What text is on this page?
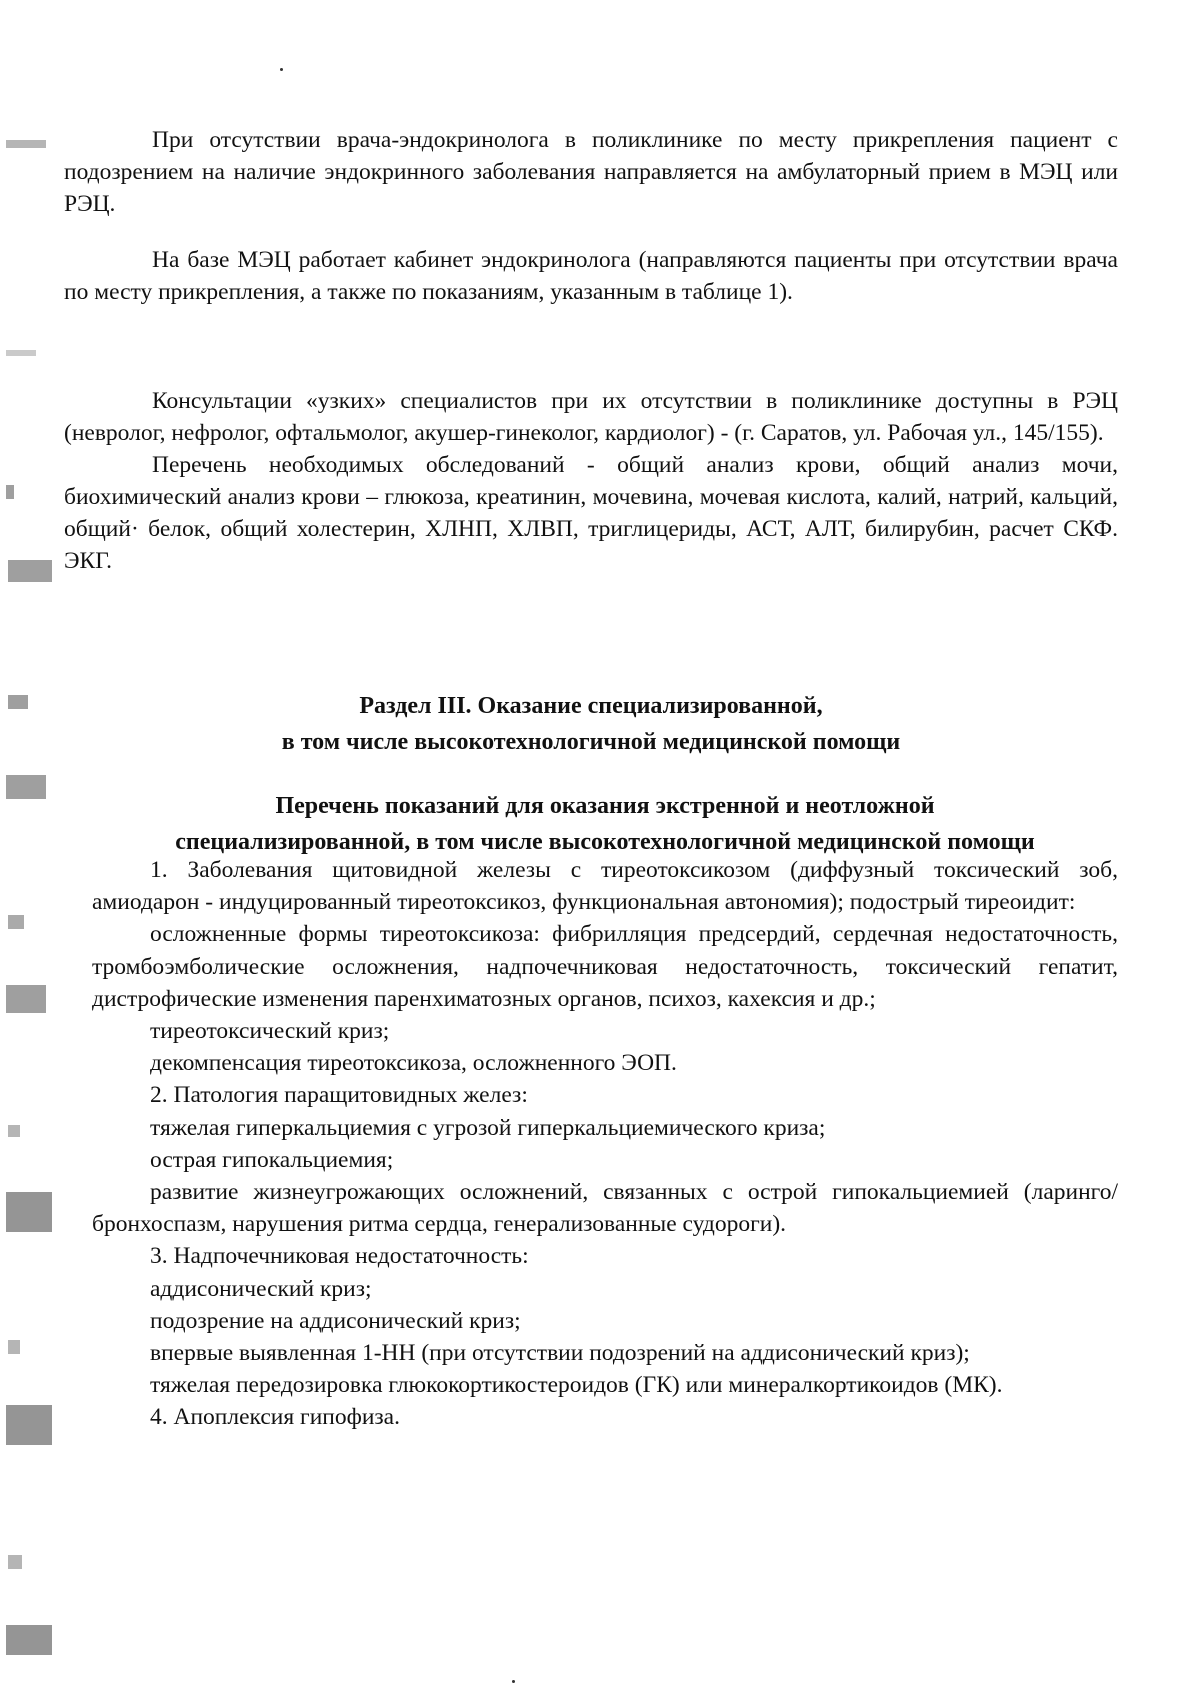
При отсутствии врача-эндокринолога в поликлинике по месту прикрепления пациент с подозрением на наличие эндокринного заболевания направляется на амбулаторный прием в МЭЦ или РЭЦ.

На базе МЭЦ работает кабинет эндокринолога (направляются пациенты при отсутствии врача по месту прикрепления, а также по показаниям, указанным в таблице 1).

Консультации «узких» специалистов при их отсутствии в поликлинике доступны в РЭЦ (невролог, нефролог, офтальмолог, акушер-гинеколог, кардиолог) - (г. Саратов, ул. Рабочая ул., 145/155).

Перечень необходимых обследований - общий анализ крови, общий анализ мочи, биохимический анализ крови – глюкоза, креатинин, мочевина, мочевая кислота, калий, натрий, кальций, общий· белок, общий холестерин, ХЛНП, ХЛВП, триглицериды, АСТ, АЛТ, билирубин, расчет СКФ. ЭКГ.

Раздел III. Оказание специализированной,

в том числе высокотехнологичной медицинской помощи

Перечень показаний для оказания экстренной и неотложной

специализированной, в том числе высокотехнологичной медицинской помощи

1. Заболевания щитовидной железы с тиреотоксикозом (диффузный токсический зоб, амиодарон - индуцированный тиреотоксикоз, функциональная автономия); подострый тиреоидит:

осложненные формы тиреотоксикоза: фибрилляция предсердий, сердечная недостаточность, тромбоэмболические осложнения, надпочечниковая недостаточность, токсический гепатит, дистрофические изменения паренхиматозных органов, психоз, кахексия и др.;

тиреотоксический криз;

декомпенсация тиреотоксикоза, осложненного ЭОП.

2. Патология паращитовидных желез:

тяжелая гиперкальциемия с угрозой гиперкальциемического криза;

острая гипокальциемия;

развитие жизнеугрожающих осложнений, связанных с острой гипокальциемией (ларинго/бронхоспазм, нарушения ритма сердца, генерализованные судороги).

3. Надпочечниковая недостаточность:

аддисонический криз;

подозрение на аддисонический криз;

впервые выявленная 1-НН (при отсутствии подозрений на аддисонический криз);

тяжелая передозировка глюкокортикостероидов (ГК) или минералкортикоидов (МК).

4. Апоплексия гипофиза.
